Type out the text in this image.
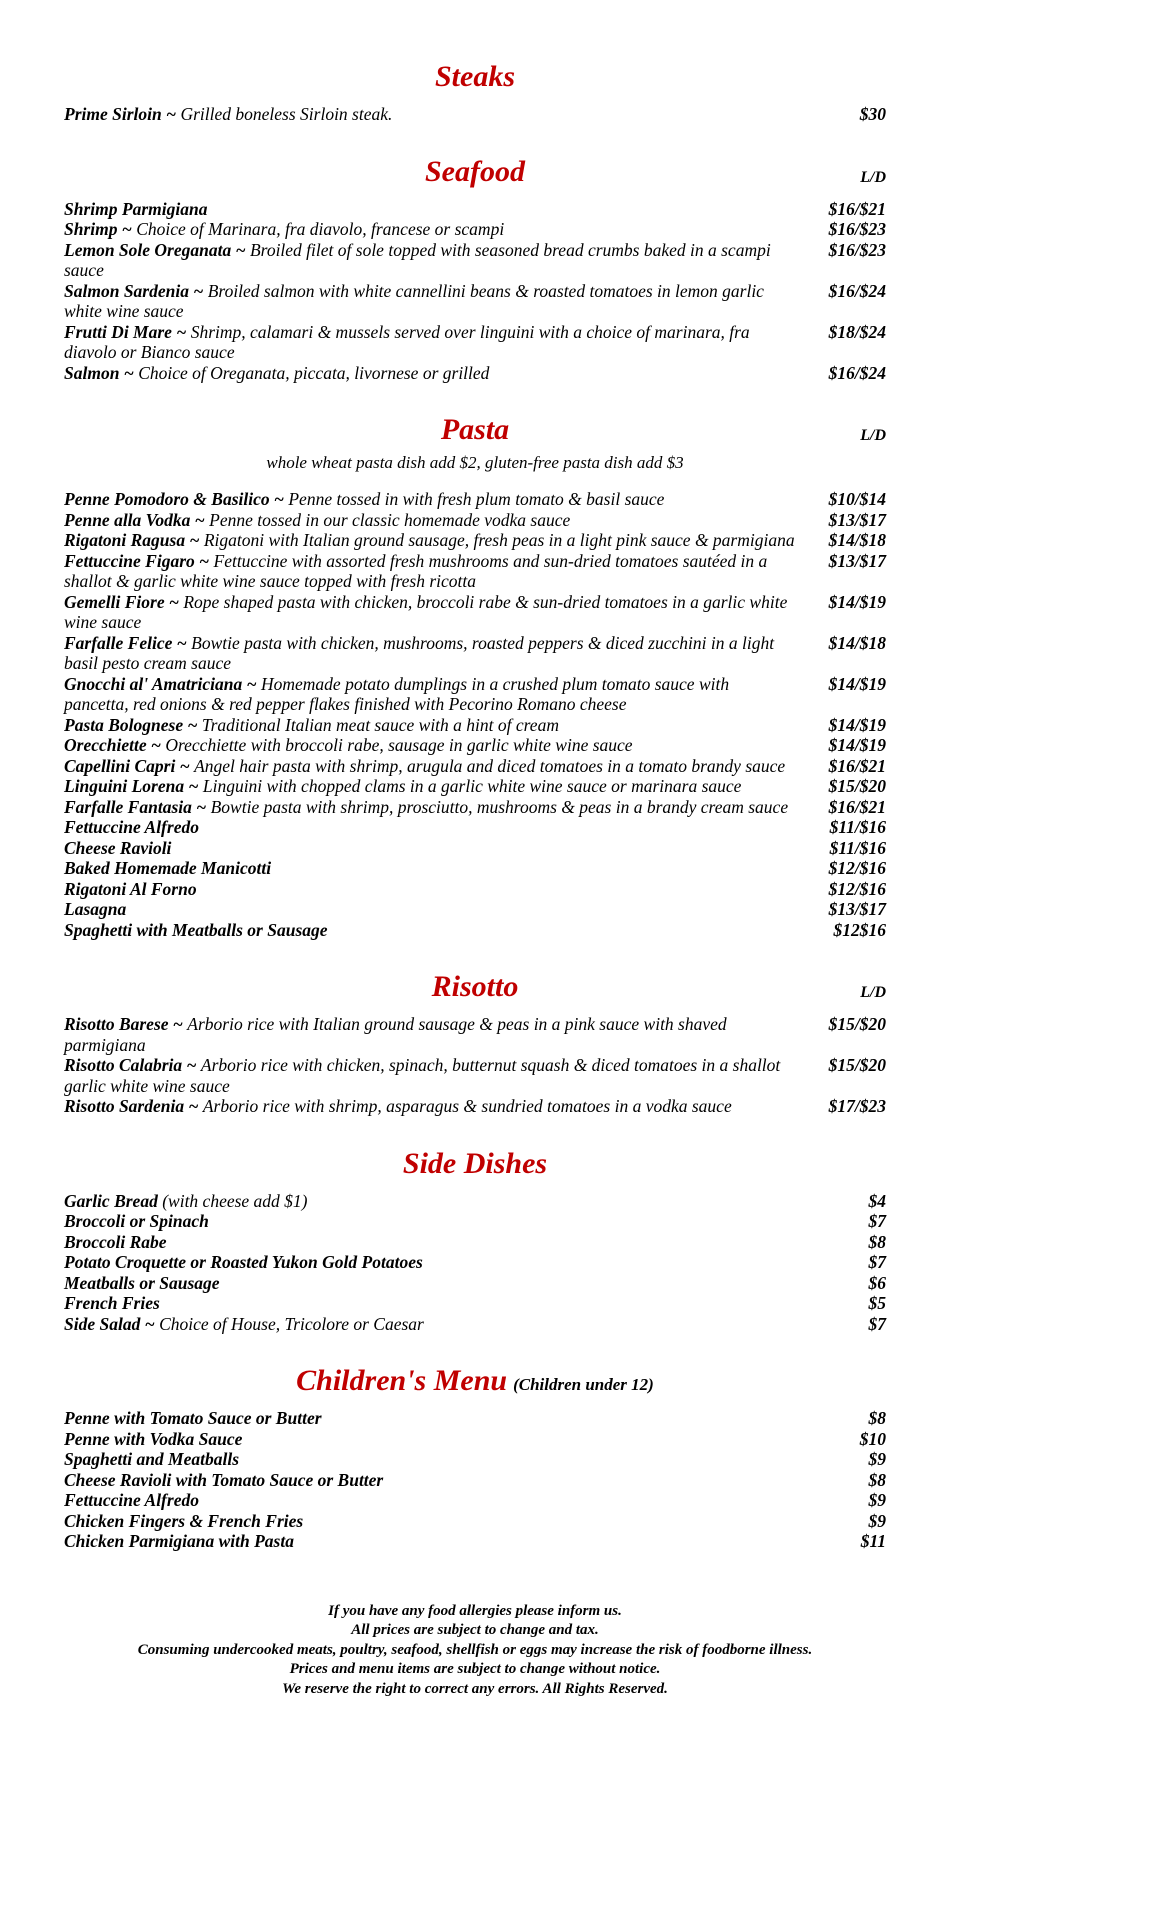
Steaks
Prime Sirloin ~ Grilled boneless Sirloin steak.	$30
Seafood	L/D
Shrimp Parmigiana	$16/$21
Shrimp ~ Choice of Marinara, fra diavolo, francese or scampi	$16/$23
Lemon Sole Oreganata ~ Broiled filet of sole topped with seasoned bread crumbs baked in a scampi sauce
$16/$23
Salmon Sardenia ~ Broiled salmon with white cannellini beans & roasted tomatoes in lemon garlic white wine sauce
$16/$24
Frutti Di Mare ~ Shrimp, calamari & mussels served over linguini with a choice of marinara, fra diavolo or Bianco sauce
$18/$24
Salmon ~ Choice of Oreganata, piccata, livornese or grilled	$16/$24
Pasta	L/D
whole wheat pasta dish add $2, gluten-free pasta dish add $3
Penne Pomodoro & Basilico ~ Penne tossed in with fresh plum tomato & basil sauce	$10/$14
Penne alla Vodka ~ Penne tossed in our classic homemade vodka sauce	$13/$17
Rigatoni Ragusa ~ Rigatoni with Italian ground sausage, fresh peas in a light pink sauce & parmigiana	$14/$18
Fettuccine Figaro ~ Fettuccine with assorted fresh mushrooms and sun-dried tomatoes sautéed in a shallot & garlic white wine sauce topped with fresh ricotta
$13/$17
Gemelli Fiore ~ Rope shaped pasta with chicken, broccoli rabe & sun-dried tomatoes in a garlic white wine sauce
$14/$19
Farfalle Felice ~ Bowtie pasta with chicken, mushrooms, roasted peppers & diced zucchini in a light basil pesto cream sauce
$14/$18
Gnocchi al' Amatriciana ~ Homemade potato dumplings in a crushed plum tomato sauce with pancetta, red onions & red pepper flakes finished with Pecorino Romano cheese
$14/$19
Pasta Bolognese ~ Traditional Italian meat sauce with a hint of cream	$14/$19
Orecchiette ~ Orecchiette with broccoli rabe, sausage in garlic white wine sauce	$14/$19
Capellini Capri ~ Angel hair pasta with shrimp, arugula and diced tomatoes in a tomato brandy sauce	$16/$21
Linguini Lorena ~ Linguini with chopped clams in a garlic white wine sauce or marinara sauce	$15/$20
Farfalle Fantasia ~ Bowtie pasta with shrimp, prosciutto, mushrooms & peas in a brandy cream sauce	$16/$21
Fettuccine Alfredo	$11/$16
Cheese Ravioli	$11/$16
Baked Homemade Manicotti	$12/$16
Rigatoni Al Forno	$12/$16
Lasagna	$13/$17
Spaghetti with Meatballs or Sausage	$12$16
Risotto	L/D
Risotto Barese ~ Arborio rice with Italian ground sausage & peas in a pink sauce with shaved parmigiana
$15/$20
Risotto Calabria ~ Arborio rice with chicken, spinach, butternut squash & diced tomatoes in a shallot garlic white wine sauce
$15/$20
Risotto Sardenia ~ Arborio rice with shrimp, asparagus & sundried tomatoes in a vodka sauce	$17/$23
Side Dishes
Garlic Bread (with cheese add $1)	$4
Broccoli or Spinach	$7
Broccoli Rabe	$8
Potato Croquette or Roasted Yukon Gold Potatoes	$7
Meatballs or Sausage	$6
French Fries	$5
Side Salad ~ Choice of House, Tricolore or Caesar	$7
Children's Menu (Children under 12)
Penne with Tomato Sauce or Butter	$8
Penne with Vodka Sauce	$10
Spaghetti and Meatballs	$9
Cheese Ravioli with Tomato Sauce or Butter	$8
Fettuccine Alfredo	$9
Chicken Fingers & French Fries	$9
Chicken Parmigiana with Pasta	$11
If you have any food allergies please inform us.
All prices are subject to change and tax.
Consuming undercooked meats, poultry, seafood, shellfish or eggs may increase the risk of foodborne illness.
Prices and menu items are subject to change without notice.
We reserve the right to correct any errors. All Rights Reserved.
